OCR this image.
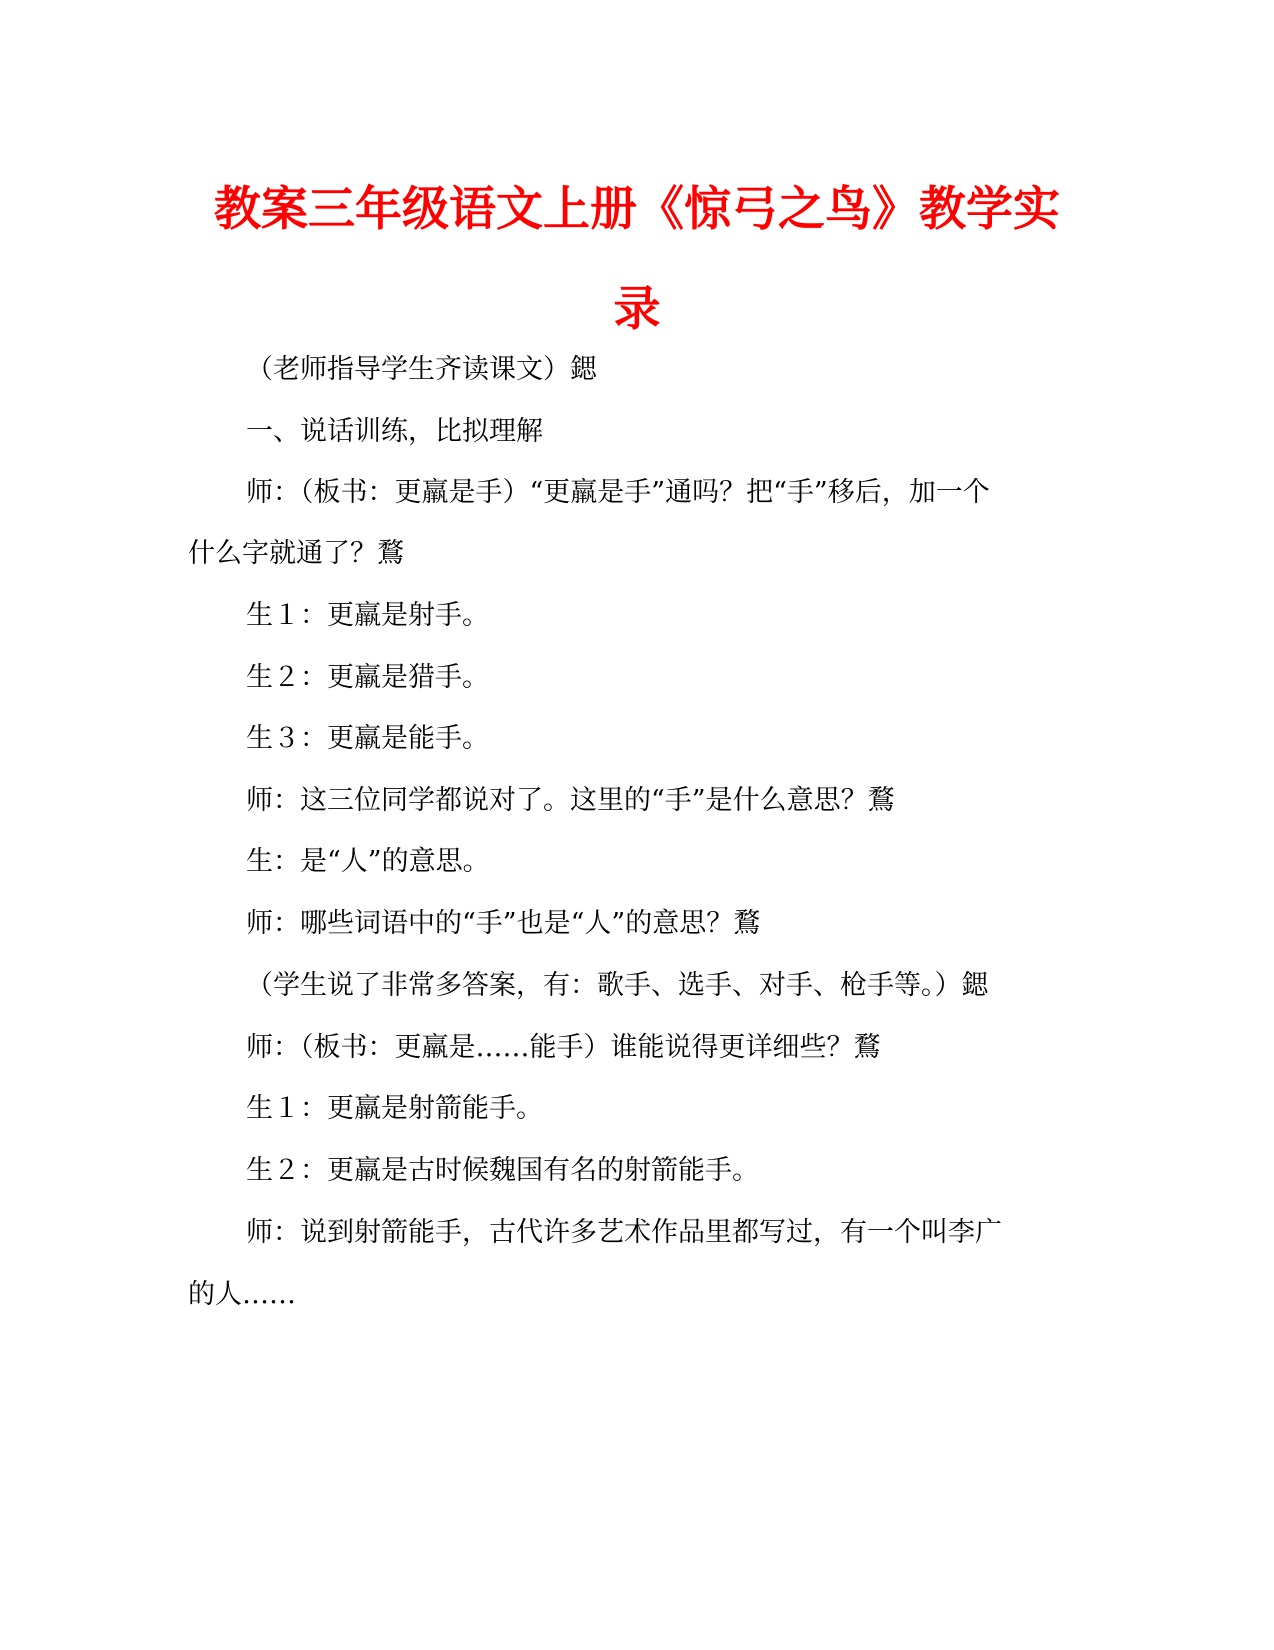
教案三年级语文上册《惊弓之鸟》教学实
录

（老师指导学生齐读课文）鍶

一、说话训练，比拟理解

师：（板书：更羸是手）“更羸是手”通吗？把“手”移后，加一个

什么字就通了？鶩

生１：更羸是射手。

生２：更羸是猎手。

生３：更羸是能手。

师：这三位同学都说对了。这里的“手”是什么意思？鶩

生：是“人”的意思。

师：哪些词语中的“手”也是“人”的意思？鶩

（学生说了非常多答案，有：歌手、选手、对手、枪手等。）鍶

师：（板书：更羸是……能手）谁能说得更详细些？鶩

生１：更羸是射箭能手。

生２：更羸是古时候魏国有名的射箭能手。

师：说到射箭能手，古代许多艺术作品里都写过，有一个叫李广

的人……
